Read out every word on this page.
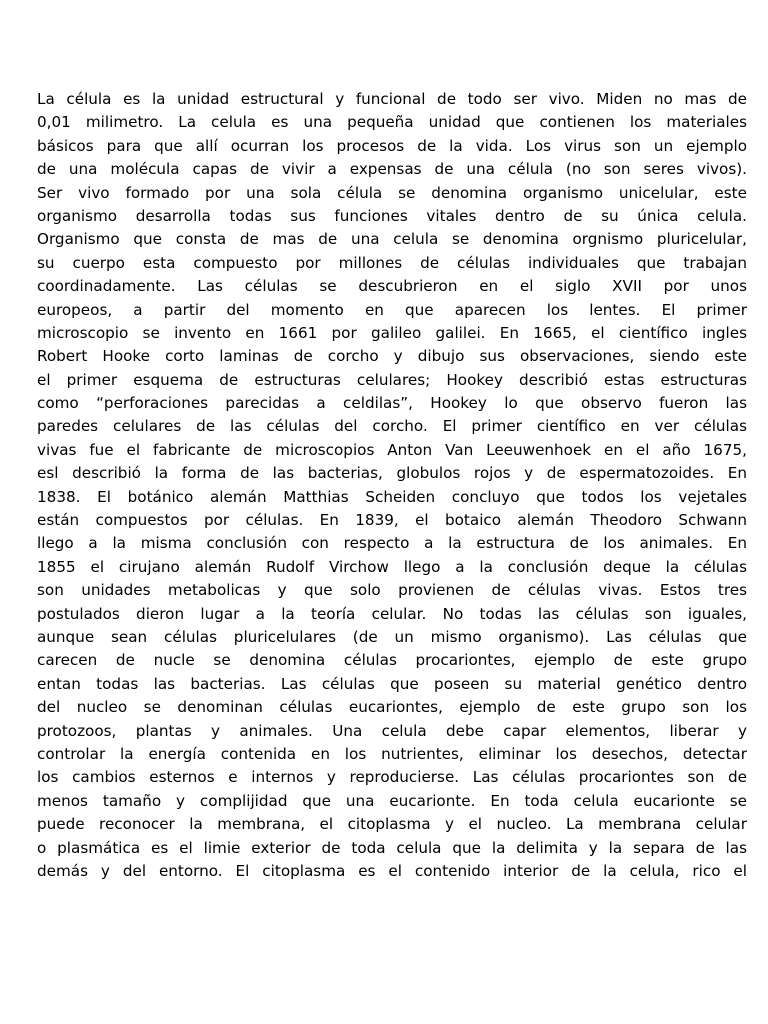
La célula es la unidad estructural y funcional de todo ser vivo. Miden no mas de
0,01 milimetro. La celula es una pequeña unidad que contienen los materiales
básicos para que allí ocurran los procesos de la vida. Los virus son un ejemplo
de una molécula capas de vivir a expensas de una célula (no son seres vivos).
Ser vivo formado por una sola célula se denomina organismo unicelular, este
organismo desarrolla todas sus funciones vitales dentro de su única celula.
Organismo que consta de mas de una celula se denomina orgnismo pluricelular,
su cuerpo esta compuesto por millones de células individuales que trabajan
coordinadamente. Las células se descubrieron en el siglo XVII por unos
europeos, a partir del momento en que aparecen los lentes. El primer
microscopio se invento en 1661 por galileo galilei. En 1665, el científico ingles
Robert Hooke corto laminas de corcho y dibujo sus observaciones, siendo este
el primer esquema de estructuras celulares; Hookey describió estas estructuras
como “perforaciones parecidas a celdilas”, Hookey lo que observo fueron las
paredes celulares de las células del corcho. El primer científico en ver células
vivas fue el fabricante de microscopios Anton Van Leeuwenhoek en el año 1675,
esl describió la forma de las bacterias, globulos rojos y de espermatozoides. En
1838. El botánico alemán Matthias Scheiden concluyo que todos los vejetales
están compuestos por células. En 1839, el botaico alemán Theodoro Schwann
llego a la misma conclusión con respecto a la estructura de los animales. En
1855 el cirujano alemán Rudolf Virchow llego a la conclusión deque la células
son unidades metabolicas y que solo provienen de células vivas. Estos tres
postulados dieron lugar a la teoría celular. No todas las células son iguales,
aunque sean células pluricelulares (de un mismo organismo). Las células que
carecen de nucle se denomina células procariontes, ejemplo de este grupo
entan todas las bacterias. Las células que poseen su material genético dentro
del nucleo se denominan células eucariontes, ejemplo de este grupo son los
protozoos, plantas y animales. Una celula debe capar elementos, liberar y
controlar la energía contenida en los nutrientes, eliminar los desechos, detectar
los cambios esternos e internos y reproducierse. Las células procariontes son de
menos tamaño y complijidad que una eucarionte. En toda celula eucarionte se
puede reconocer la membrana, el citoplasma y el nucleo. La membrana celular
o plasmática es el limie exterior de toda celula que la delimita y la separa de las
demás y del entorno. El citoplasma es el contenido interior de la celula, rico el
